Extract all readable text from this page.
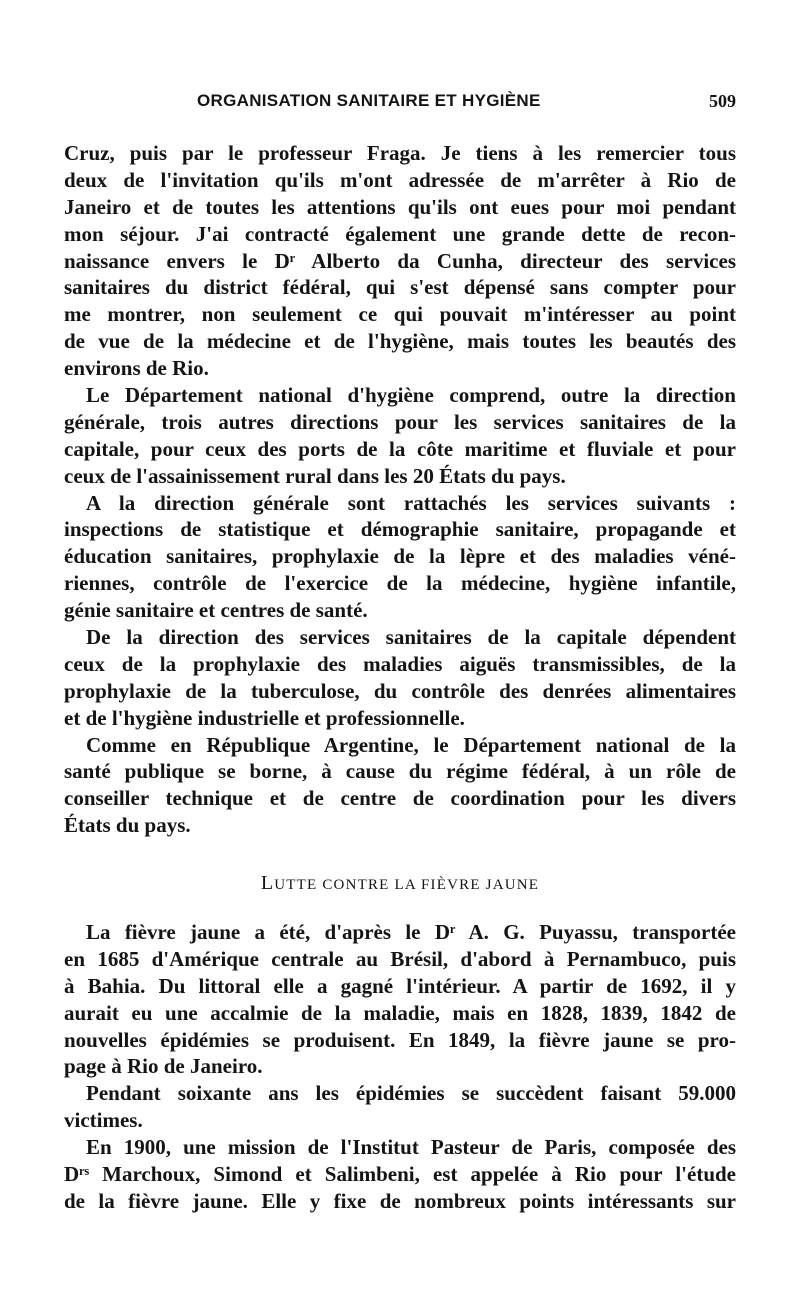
ORGANISATION SANITAIRE ET HYGIÈNE	509
Cruz, puis par le professeur Fraga. Je tiens à les remercier tous
deux de l'invitation qu'ils m'ont adressée de m'arrêter à Rio de
Janeiro et de toutes les attentions qu'ils ont eues pour moi pendant
mon séjour. J'ai contracté également une grande dette de recon-
naissance envers le Dʳ Alberto da Cunha, directeur des services
sanitaires du district fédéral, qui s'est dépensé sans compter pour
me montrer, non seulement ce qui pouvait m'intéresser au point
de vue de la médecine et de l'hygiène, mais toutes les beautés des
environs de Rio.
Le Département national d'hygiène comprend, outre la direction
générale, trois autres directions pour les services sanitaires de la
capitale, pour ceux des ports de la côte maritime et fluviale et pour
ceux de l'assainissement rural dans les 20 États du pays.
A la direction générale sont rattachés les services suivants :
inspections de statistique et démographie sanitaire, propagande et
éducation sanitaires, prophylaxie de la lèpre et des maladies véné-
riennes, contrôle de l'exercice de la médecine, hygiène infantile,
génie sanitaire et centres de santé.
De la direction des services sanitaires de la capitale dépendent
ceux de la prophylaxie des maladies aiguës transmissibles, de la
prophylaxie de la tuberculose, du contrôle des denrées alimentaires
et de l'hygiène industrielle et professionnelle.
Comme en République Argentine, le Département national de la
santé publique se borne, à cause du régime fédéral, à un rôle de
conseiller technique et de centre de coordination pour les divers
États du pays.
LUTTE CONTRE LA FIÈVRE JAUNE
La fièvre jaune a été, d'après le Dʳ A. G. Puyassu, transportée
en 1685 d'Amérique centrale au Brésil, d'abord à Pernambuco, puis
à Bahia. Du littoral elle a gagné l'intérieur. A partir de 1692, il y
aurait eu une accalmie de la maladie, mais en 1828, 1839, 1842 de
nouvelles épidémies se produisent. En 1849, la fièvre jaune se pro-
page à Rio de Janeiro.
Pendant soixante ans les épidémies se succèdent faisant 59.000
victimes.
En 1900, une mission de l'Institut Pasteur de Paris, composée des
Dʳˢ Marchoux, Simond et Salimbeni, est appelée à Rio pour l'étude
de la fièvre jaune. Elle y fixe de nombreux points intéressants sur
